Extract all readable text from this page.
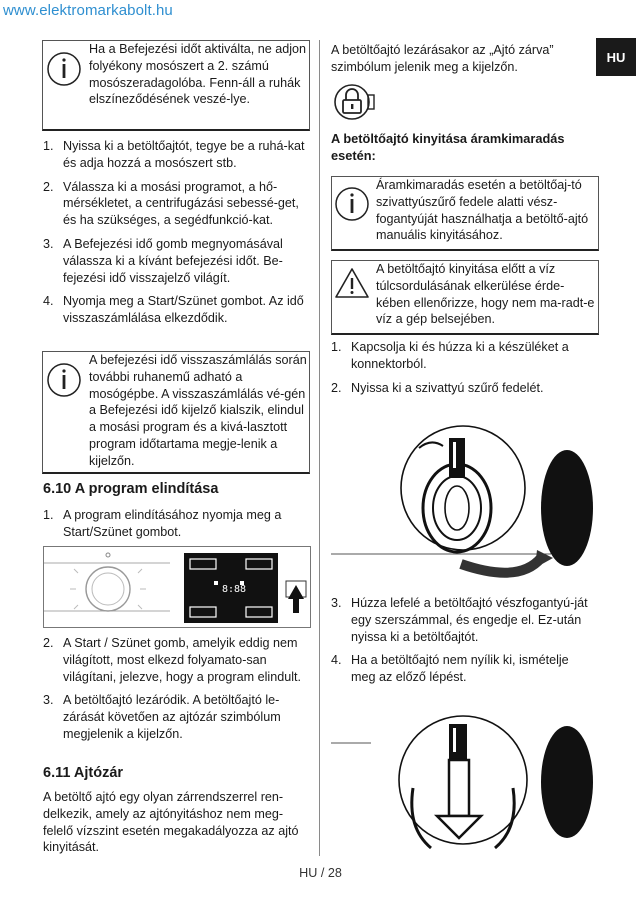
www.elektromarkabolt.hu
HU
Ha a Befejezési időt aktiválta, ne adjon folyékony mosószert a 2. számú mosószeradagolóba. Fenn-áll a ruhák elszíneződésének veszé-lye.
1. Nyissa ki a betöltőajtót, tegye be a ruhá-kat és adja hozzá a mosószert stb.
2. Válassza ki a mosási programot, a hő-mérsékletet, a centrifugázási sebessé-get, és ha szükséges, a segédfunkció-kat.
3. A Befejezési idő gomb megnyomásával válassza ki a kívánt befejezési időt. Be-fejezési idő visszajelző világít.
4. Nyomja meg a Start/Szünet gombot. Az idő visszaszámlálása elkezdődik.
A befejezési idő visszaszámlálás során további ruhanemű adható a mosógépbe. A visszaszámlálás vé-gén a Befejezési idő kijelző kialszik, elindul a mosási program és a kivá-lasztott program időtartama megje-lenik a kijelzőn.
6.10 A program elindítása
1. A program elindításához nyomja meg a Start/Szünet gombot.
8:88
2. A Start / Szünet gomb, amelyik eddig nem világított, most elkezd folyamato-san világítani, jelezve, hogy a program elindult.
3. A betöltőajtó lezáródik. A betöltőajtó le-zárását követően az ajtózár szimbólum megjelenik a kijelzőn.
6.11 Ajtózár
A betöltő ajtó egy olyan zárrendszerrel ren-delkezik, amely az ajtónyitáshoz nem meg-felelő vízszint esetén megakadályozza az ajtó kinyitását.
A betöltőajtó lezárásakor az „Ajtó zárva” szimbólum jelenik meg a kijelzőn.
A betöltőajtó kinyitása áramkimaradás esetén:
Áramkimaradás esetén a betöltőaj-tó szivattyúszűrő fedele alatti vész-fogantyúját használhatja a betöltő-ajtó manuális kinyitásához.
A betöltőajtó kinyitása előtt a víz túlcsordulásának elkerülése érde-kében ellenőrizze, hogy nem ma-radt-e víz a gép belsejében.
1. Kapcsolja ki és húzza ki a készüléket a konnektorból.
2. Nyissa ki a szivattyú szűrő fedelét.
3. Húzza lefelé a betöltőajtó vészfogantyú-ját egy szerszámmal, és engedje el. Ez-után nyissa ki a betöltőajtót.
4. Ha a betöltőajtó nem nyílik ki, ismételje meg az előző lépést.
HU / 28
